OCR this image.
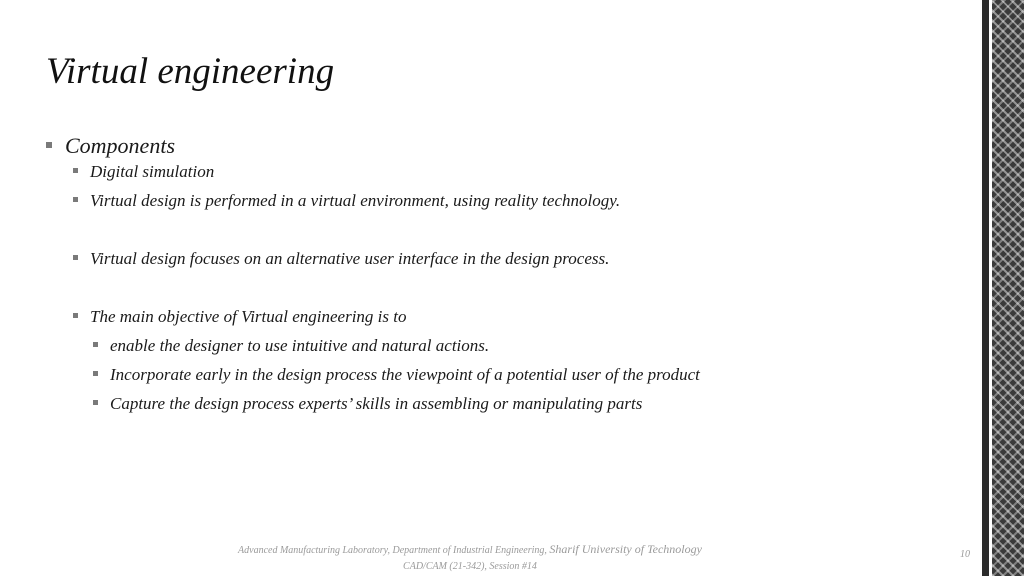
Virtual engineering
Components
Digital simulation
Virtual design is performed in a virtual environment, using reality technology.
Virtual design focuses on an alternative user interface in the design process.
The main objective of Virtual engineering is to
enable the designer to use intuitive and natural actions.
Incorporate early in the design process the viewpoint of a potential user of the product
Capture the design process experts’ skills in assembling or manipulating parts
Advanced Manufacturing Laboratory, Department of Industrial Engineering, Sharif University of Technology
CAD/CAM (21-342), Session #14
10
